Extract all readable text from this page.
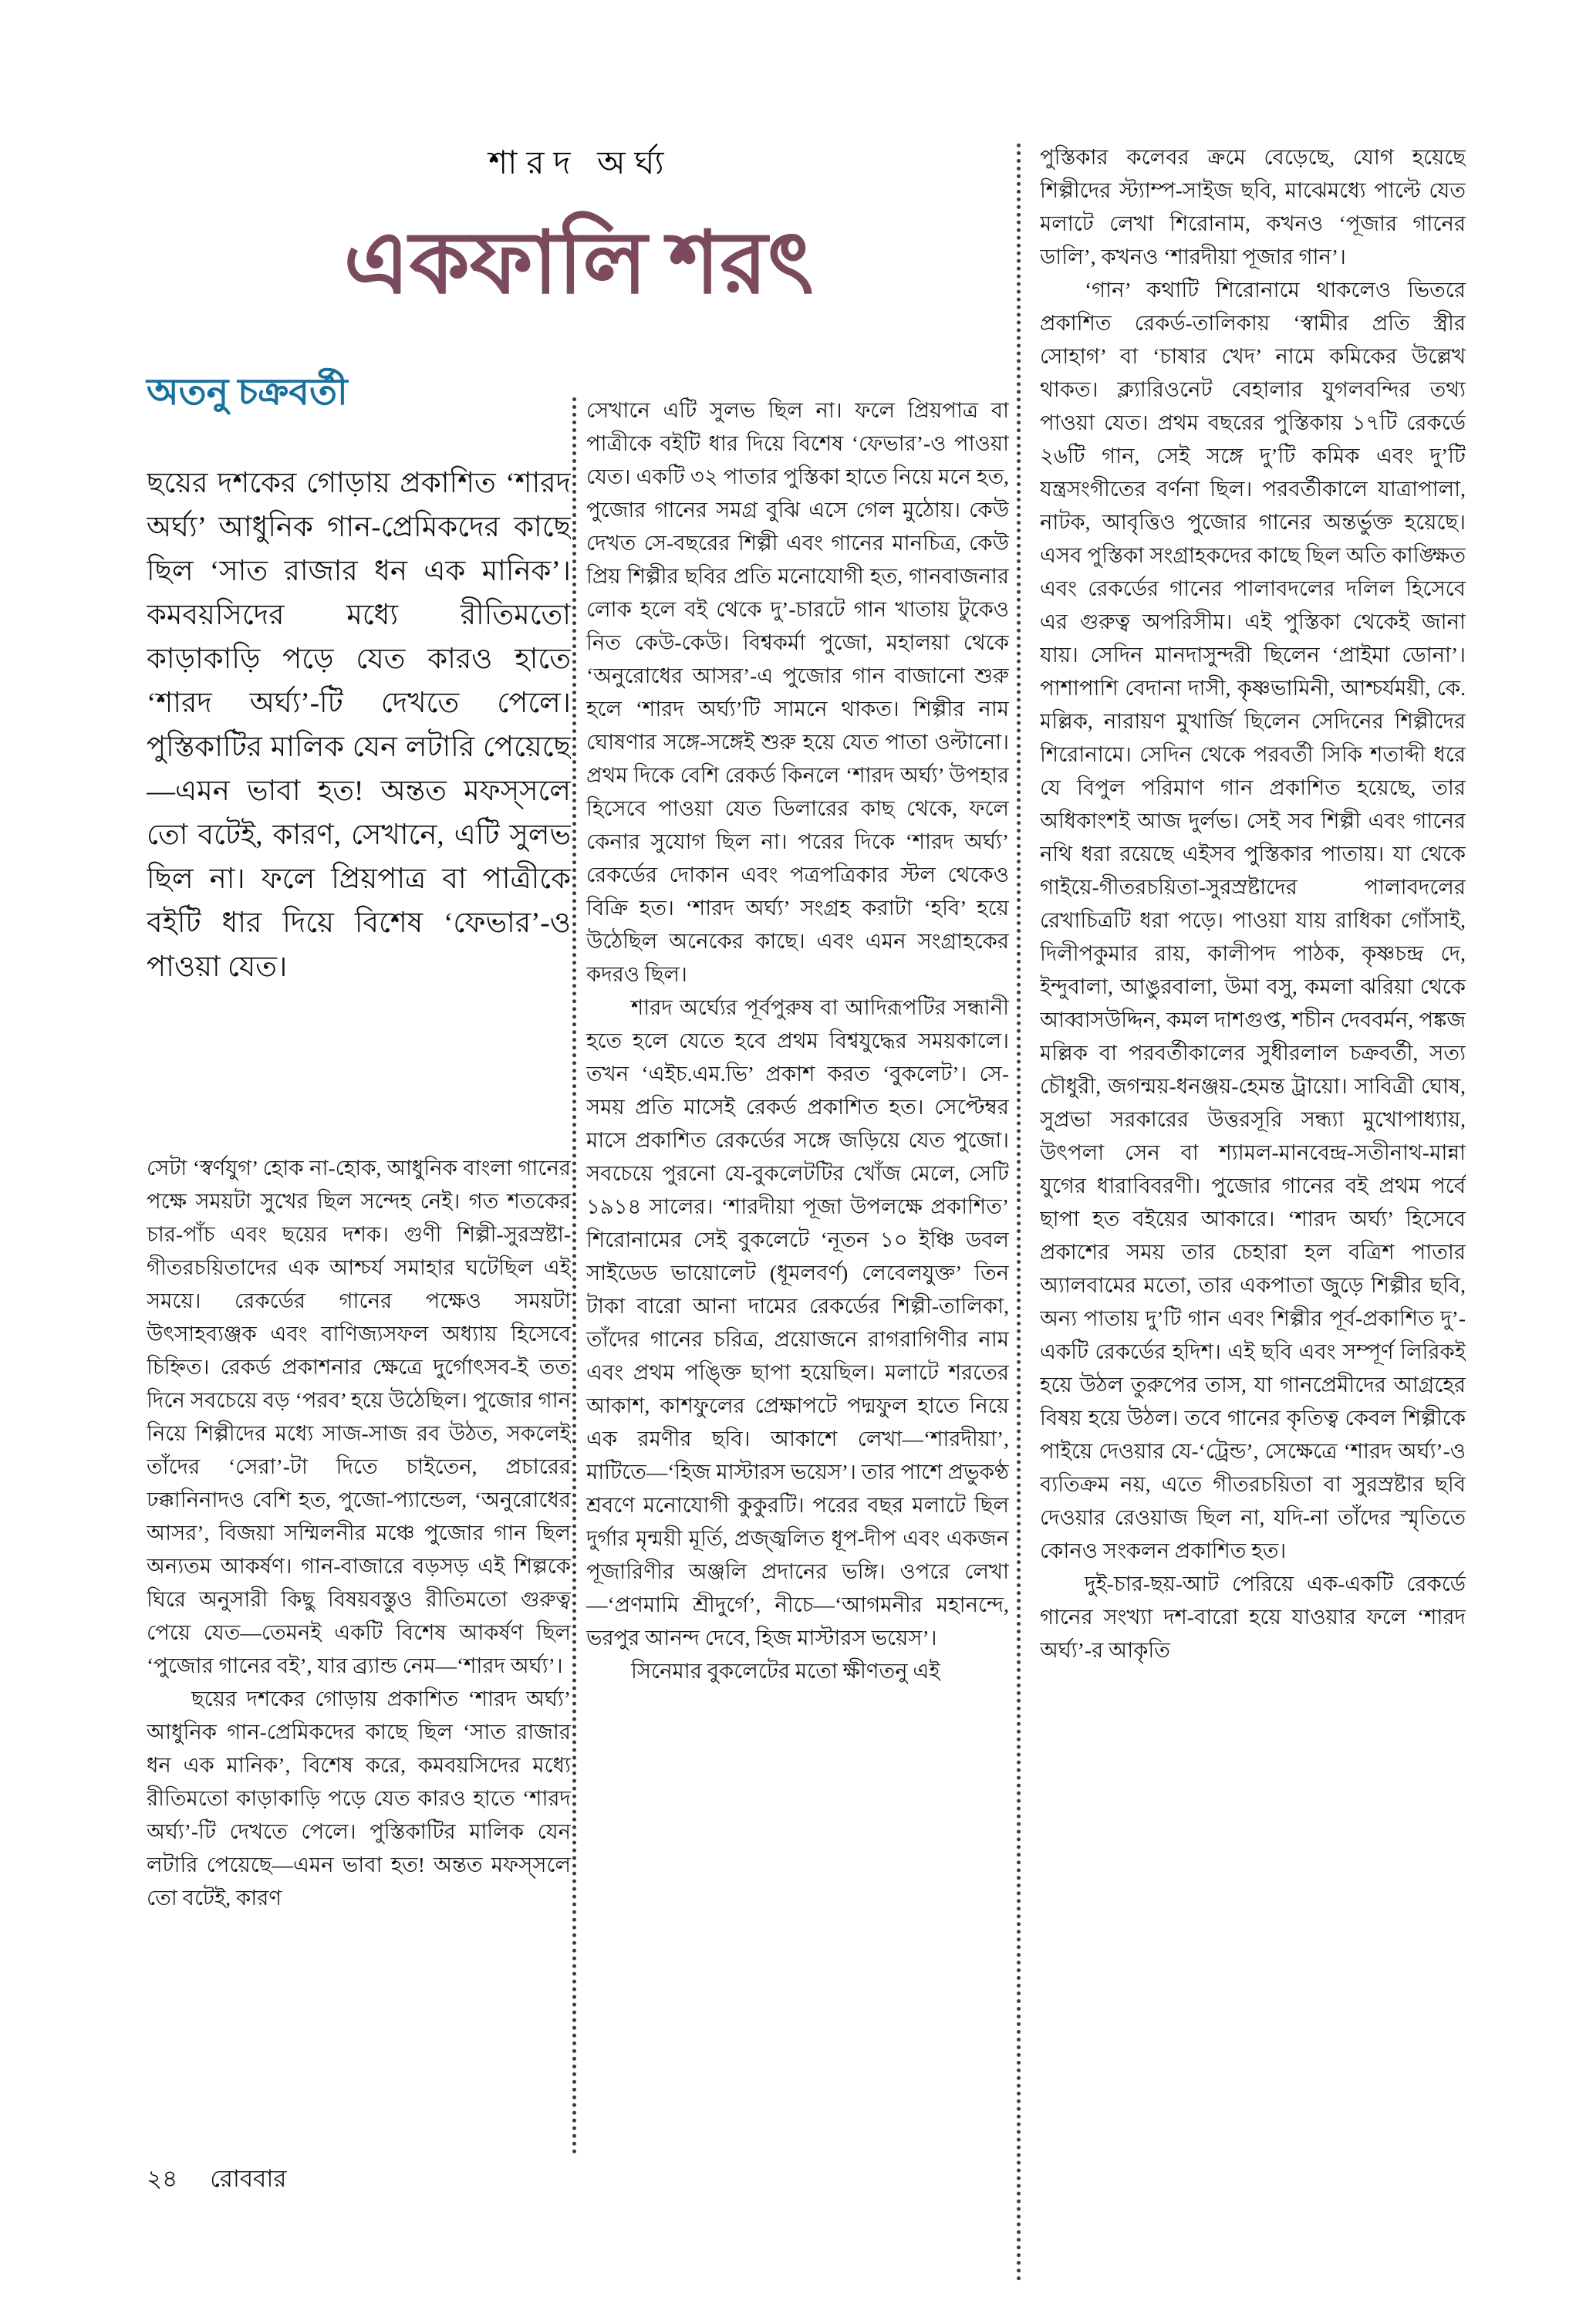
শারদ অর্ঘ্য
একফালি শরৎ
অতনু চক্রবর্তী
ছয়ের দশকের গোড়ায় প্রকাশিত ‘শারদ অর্ঘ্য’ আধুনিক গান-প্রেমিকদের কাছে ছিল ‘সাত রাজার ধন এক মানিক’। কমবয়সিদের মধ্যে রীতিমতো কাড়াকাড়ি পড়ে যেত কারও হাতে ‘শারদ অর্ঘ্য’-টি দেখতে পেলে। পুস্তিকাটির মালিক যেন লটারি পেয়েছে—এমন ভাবা হত! অন্তত মফস্সলে তো বটেই, কারণ, সেখানে, এটি সুলভ ছিল না। ফলে প্রিয়পাত্র বা পাত্রীকে বইটি ধার দিয়ে বিশেষ ‘ফেভার’-ও পাওয়া যেত।

সেটা ‘স্বর্ণযুগ’ হোক না-হোক, আধুনিক বাংলা গানের পক্ষে সময়টা সুখের ছিল সন্দেহ নেই। গত শতকের চার-পাঁচ এবং ছয়ের দশক। গুণী শিল্পী-সুরস্রষ্টা-গীতরচয়িতাদের এক আশ্চর্য সমাহার ঘটেছিল এই সময়ে। রেকর্ডের গানের পক্ষেও সময়টা উৎসাহব্যঞ্জক এবং বাণিজ্যসফল অধ্যায় হিসেবে চিহ্নিত। রেকর্ড প্রকাশনার ক্ষেত্রে দুর্গোৎসব-ই তত দিনে সবচেয়ে বড় ‘পরব’ হয়ে উঠেছিল। পুজোর গান নিয়ে শিল্পীদের মধ্যে সাজ-সাজ রব উঠত, সকলেই তাঁদের ‘সেরা’-টা দিতে চাইতেন, প্রচারের ঢক্কানিনাদও বেশি হত, পুজো-প্যান্ডেল, ‘অনুরোধের আসর’, বিজয়া সম্মিলনীর মঞ্চে পুজোর গান ছিল অন্যতম আকর্ষণ। গান-বাজারে বড়সড় এই শিল্পকে ঘিরে অনুসারী কিছু বিষয়বস্তুও রীতিমতো গুরুত্ব পেয়ে যেত—তেমনই একটি বিশেষ আকর্ষণ ছিল ‘পুজোর গানের বই’, যার ব্র্যান্ড নেম—‘শারদ অর্ঘ্য’।

ছয়ের দশকের গোড়ায় প্রকাশিত ‘শারদ অর্ঘ্য’ আধুনিক গান-প্রেমিকদের কাছে ছিল ‘সাত রাজার ধন এক মানিক’, বিশেষ করে, কমবয়সিদের মধ্যে রীতিমতো কাড়াকাড়ি পড়ে যেত কারও হাতে ‘শারদ অর্ঘ্য’-টি দেখতে পেলে। পুস্তিকাটির মালিক যেন লটারি পেয়েছে—এমন ভাবা হত! অন্তত মফস্সলে তো বটেই, কারণ

সেখানে এটি সুলভ ছিল না। ফলে প্রিয়পাত্র বা পাত্রীকে বইটি ধার দিয়ে বিশেষ ‘ফেভার’-ও পাওয়া যেত। একটি ৩২ পাতার পুস্তিকা হাতে নিয়ে মনে হত, পুজোর গানের সমগ্র বুঝি এসে গেল মুঠোয়। কেউ দেখত সে-বছরের শিল্পী এবং গানের মানচিত্র, কেউ প্রিয় শিল্পীর ছবির প্রতি মনোযোগী হত, গানবাজনার লোক হলে বই থেকে দু’-চারটে গান খাতায় টুকেও নিত কেউ-কেউ। বিশ্বকর্মা পুজো, মহালয়া থেকে ‘অনুরোধের আসর’-এ পুজোর গান বাজানো শুরু হলে ‘শারদ অর্ঘ্য’টি সামনে থাকত। শিল্পীর নাম ঘোষণার সঙ্গে-সঙ্গেই শুরু হয়ে যেত পাতা ওল্টানো। প্রথম দিকে বেশি রেকর্ড কিনলে ‘শারদ অর্ঘ্য’ উপহার হিসেবে পাওয়া যেত ডিলারের কাছ থেকে, ফলে কেনার সুযোগ ছিল না। পরের দিকে ‘শারদ অর্ঘ্য’ রেকর্ডের দোকান এবং পত্রপত্রিকার স্টল থেকেও বিক্রি হত। ‘শারদ অর্ঘ্য’ সংগ্রহ করাটা ‘হবি’ হয়ে উঠেছিল অনেকের কাছে। এবং এমন সংগ্রাহকের কদরও ছিল।

শারদ অর্ঘ্যের পূর্বপুরুষ বা আদিরূপটির সন্ধানী হতে হলে যেতে হবে প্রথম বিশ্বযুদ্ধের সময়কালে। তখন ‘এইচ.এম.ভি’ প্রকাশ করত ‘বুকলেট’। সে-সময় প্রতি মাসেই রেকর্ড প্রকাশিত হত। সেপ্টেম্বর মাসে প্রকাশিত রেকর্ডের সঙ্গে জড়িয়ে যেত পুজো। সবচেয়ে পুরনো যে-বুকলেটটির খোঁজ মেলে, সেটি ১৯১৪ সালের। ‘শারদীয়া পূজা উপলক্ষে প্রকাশিত’ শিরোনামের সেই বুকলেটে ‘নূতন ১০ ইঞ্চি ডবল সাইডেড ভায়োলেট (ধূমলবর্ণ) লেবেলযুক্ত’ তিন টাকা বারো আনা দামের রেকর্ডের শিল্পী-তালিকা, তাঁদের গানের চরিত্র, প্রয়োজনে রাগরাগিণীর নাম এবং প্রথম পঙ্ক্তি ছাপা হয়েছিল। মলাটে শরতের আকাশ, কাশফুলের প্রেক্ষাপটে পদ্মফুল হাতে নিয়ে এক রমণীর ছবি। আকাশে লেখা—‘শারদীয়া’, মাটিতে—‘হিজ মাস্টারস ভয়েস’। তার পাশে প্রভুকণ্ঠ শ্রবণে মনোযোগী কুকুরটি। পরের বছর মলাটে ছিল দুর্গার মৃন্ময়ী মূর্তি, প্রজ্জ্বলিত ধূপ-দীপ এবং একজন পূজারিণীর অঞ্জলি প্রদানের ভঙ্গি। ওপরে লেখা—‘প্রণমামি শ্রীদুর্গে’, নীচে—‘আগমনীর মহানন্দে, ভরপুর আনন্দ দেবে, হিজ মাস্টারস ভয়েস’।

সিনেমার বুকলেটের মতো ক্ষীণতনু এই

পুস্তিকার কলেবর ক্রমে বেড়েছে, যোগ হয়েছে শিল্পীদের স্ট্যাম্প-সাইজ ছবি, মাঝেমধ্যে পাল্টে যেত মলাটে লেখা শিরোনাম, কখনও ‘পূজার গানের ডালি’, কখনও ‘শারদীয়া পূজার গান’।

‘গান’ কথাটি শিরোনামে থাকলেও ভিতরে প্রকাশিত রেকর্ড-তালিকায় ‘স্বামীর প্রতি স্ত্রীর সোহাগ’ বা ‘চাষার খেদ’ নামে কমিকের উল্লেখ থাকত। ক্ল্যারিওনেট বেহালার যুগলবন্দির তথ্য পাওয়া যেত। প্রথম বছরের পুস্তিকায় ১৭টি রেকর্ডে ২৬টি গান, সেই সঙ্গে দু’টি কমিক এবং দু’টি যন্ত্রসংগীতের বর্ণনা ছিল। পরবর্তীকালে যাত্রাপালা, নাটক, আবৃত্তিও পুজোর গানের অন্তর্ভুক্ত হয়েছে। এসব পুস্তিকা সংগ্রাহকদের কাছে ছিল অতি কাঙ্ক্ষিত এবং রেকর্ডের গানের পালাবদলের দলিল হিসেবে এর গুরুত্ব অপরিসীম। এই পুস্তিকা থেকেই জানা যায়। সেদিন মানদাসুন্দরী ছিলেন ‘প্রাইমা ডোনা’। পাশাপাশি বেদানা দাসী, কৃষ্ণভামিনী, আশ্চর্যময়ী, কে. মল্লিক, নারায়ণ মুখার্জি ছিলেন সেদিনের শিল্পীদের শিরোনামে। সেদিন থেকে পরবর্তী সিকি শতাব্দী ধরে যে বিপুল পরিমাণ গান প্রকাশিত হয়েছে, তার অধিকাংশই আজ দুর্লভ। সেই সব শিল্পী এবং গানের নথি ধরা রয়েছে এইসব পুস্তিকার পাতায়। যা থেকে গাইয়ে-গীতরচয়িতা-সুরস্রষ্টাদের পালাবদলের রেখাচিত্রটি ধরা পড়ে। পাওয়া যায় রাধিকা গোঁসাই, দিলীপকুমার রায়, কালীপদ পাঠক, কৃষ্ণচন্দ্র দে, ইন্দুবালা, আঙুরবালা, উমা বসু, কমলা ঝরিয়া থেকে আব্বাসউদ্দিন, কমল দাশগুপ্ত, শচীন দেববর্মন, পঙ্কজ মল্লিক বা পরবর্তীকালের সুধীরলাল চক্রবর্তী, সত্য চৌধুরী, জগন্ময়-ধনঞ্জয়-হেমন্ত ট্রায়ো। সাবিত্রী ঘোষ, সুপ্রভা সরকারের উত্তরসূরি সন্ধ্যা মুখোপাধ্যায়, উৎপলা সেন বা শ্যামল-মানবেন্দ্র-সতীনাথ-মান্না যুগের ধারাবিবরণী। পুজোর গানের বই প্রথম পর্বে ছাপা হত বইয়ের আকারে। ‘শারদ অর্ঘ্য’ হিসেবে প্রকাশের সময় তার চেহারা হল বত্রিশ পাতার অ্যালবামের মতো, তার একপাতা জুড়ে শিল্পীর ছবি, অন্য পাতায় দু’টি গান এবং শিল্পীর পূর্ব-প্রকাশিত দু’-একটি রেকর্ডের হদিশ। এই ছবি এবং সম্পূর্ণ লিরিকই হয়ে উঠল তুরুপের তাস, যা গানপ্রেমীদের আগ্রহের বিষয় হয়ে উঠল। তবে গানের কৃতিত্ব কেবল শিল্পীকে পাইয়ে দেওয়ার যে-‘ট্রেন্ড’, সেক্ষেত্রে ‘শারদ অর্ঘ্য’-ও ব্যতিক্রম নয়, এতে গীতরচয়িতা বা সুরস্রষ্টার ছবি দেওয়ার রেওয়াজ ছিল না, যদি-না তাঁদের স্মৃতিতে কোনও সংকলন প্রকাশিত হত।

দুই-চার-ছয়-আট পেরিয়ে এক-একটি রেকর্ডে গানের সংখ্যা দশ-বারো হয়ে যাওয়ার ফলে ‘শারদ অর্ঘ্য’-র আকৃতি

২৪ রোববার
